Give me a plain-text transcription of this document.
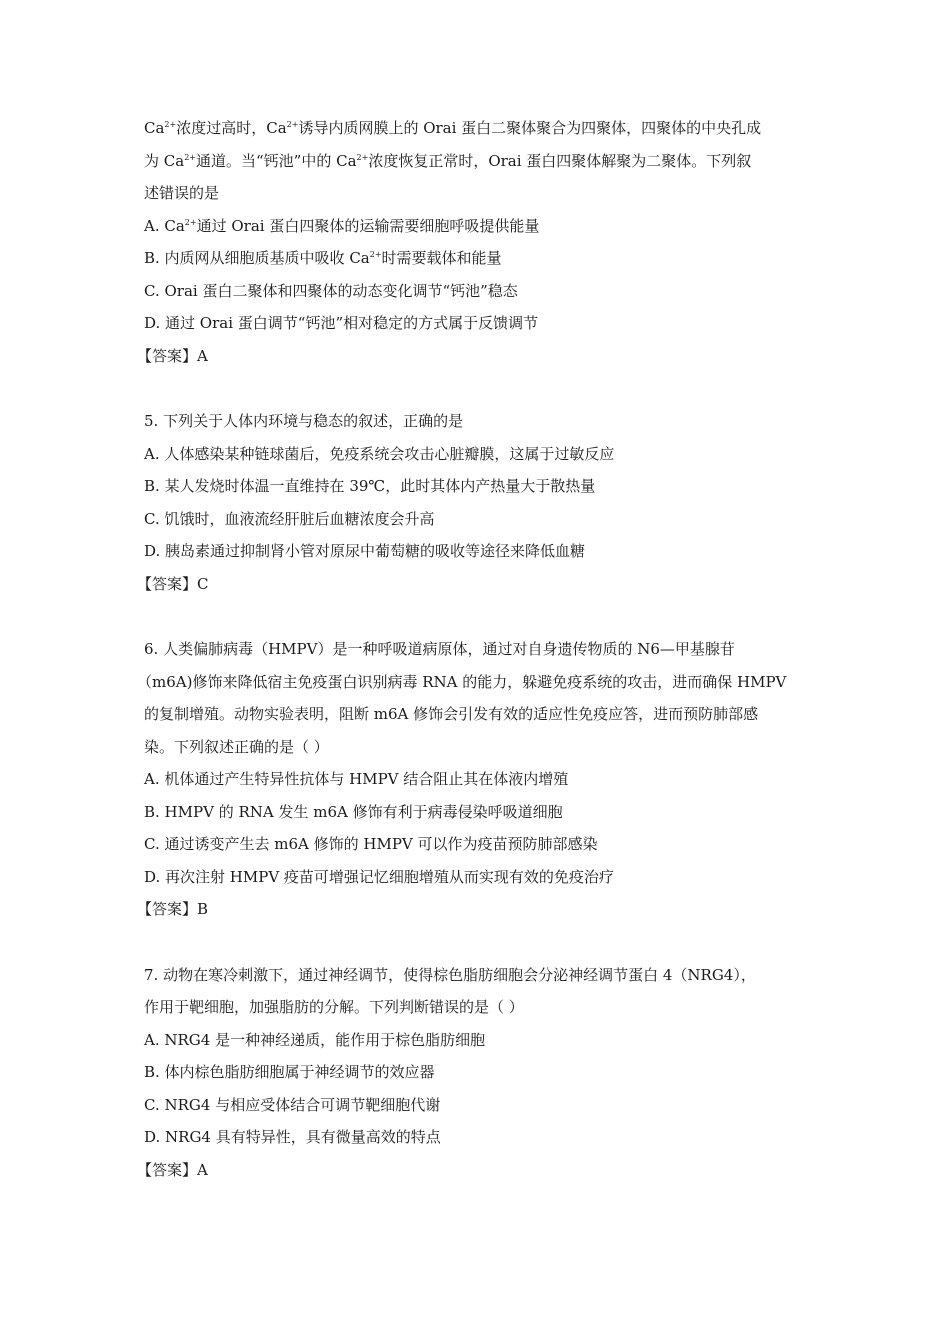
$Ca^{2+}$浓度过高时，$Ca^{2+}$诱导内质网膜上的 Orai 蛋白二聚体聚合为四聚体，四聚体的中央孔成

为 $Ca^{2+}$通道。当“钙池”中的 $Ca^{2+}$浓度恢复正常时，Orai 蛋白四聚体解聚为二聚体。下列叙

述错误的是

A. $Ca^{2+}$通过 Orai 蛋白四聚体的运输需要细胞呼吸提供能量

B. 内质网从细胞质基质中吸收 $Ca^{2+}$时需要载体和能量

C. Orai 蛋白二聚体和四聚体的动态变化调节“钙池”稳态

D. 通过 Orai 蛋白调节“钙池”相对稳定的方式属于反馈调节

【答案】A

5. 下列关于人体内环境与稳态的叙述，正确的是

A. 人体感染某种链球菌后，免疫系统会攻击心脏瓣膜，这属于过敏反应

B. 某人发烧时体温一直维持在 39℃，此时其体内产热量大于散热量

C. 饥饿时，血液流经肝脏后血糖浓度会升高

D. 胰岛素通过抑制肾小管对原尿中葡萄糖的吸收等途径来降低血糖

【答案】C

6. 人类偏肺病毒（HMPV）是一种呼吸道病原体，通过对自身遗传物质的 N6—甲基腺苷

（m6A)修饰来降低宿主免疫蛋白识别病毒 RNA 的能力，躲避免疫系统的攻击，进而确保 HMPV

的复制增殖。动物实验表明，阻断 m6A 修饰会引发有效的适应性免疫应答，进而预防肺部感

染。下列叙述正确的是（ ）

A. 机体通过产生特异性抗体与 HMPV 结合阻止其在体液内增殖

B. HMPV 的 RNA 发生 m6A 修饰有利于病毒侵染呼吸道细胞

C. 通过诱变产生去 m6A 修饰的 HMPV 可以作为疫苗预防肺部感染

D. 再次注射 HMPV 疫苗可增强记忆细胞增殖从而实现有效的免疫治疗

【答案】B

7. 动物在寒冷刺激下，通过神经调节，使得棕色脂肪细胞会分泌神经调节蛋白 4（NRG4），

作用于靶细胞，加强脂肪的分解。下列判断错误的是（ ）

A. NRG4 是一种神经递质，能作用于棕色脂肪细胞

B. 体内棕色脂肪细胞属于神经调节的效应器

C. NRG4 与相应受体结合可调节靶细胞代谢

D. NRG4 具有特异性，具有微量高效的特点

【答案】A
